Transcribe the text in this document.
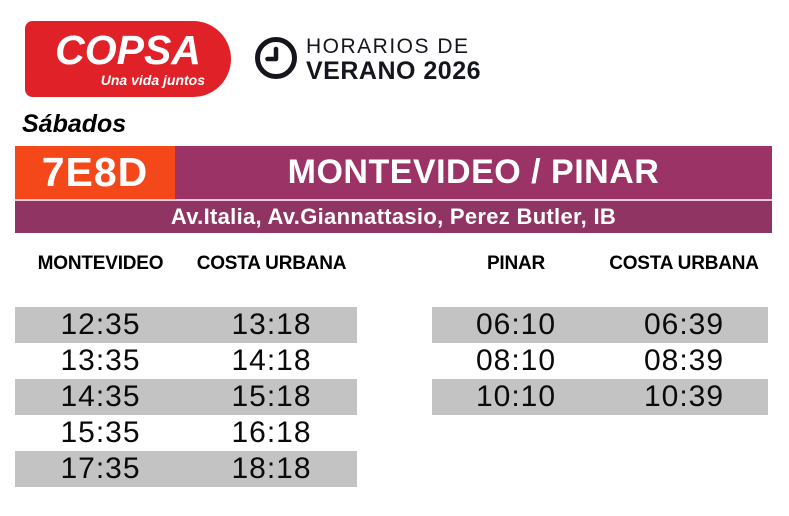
COPSA
Una vida juntos
HORARIOS DE
VERANO 2026
Sábados
7E8D	MONTEVIDEO / PINAR
Av.Italia, Av.Giannattasio, Perez Butler, IB
MONTEVIDEO	COSTA URBANA
12:35	13:18
13:35	14:18
14:35	15:18
15:35	16:18
17:35	18:18
PINAR	COSTA URBANA
06:10	06:39
08:10	08:39
10:10	10:39
